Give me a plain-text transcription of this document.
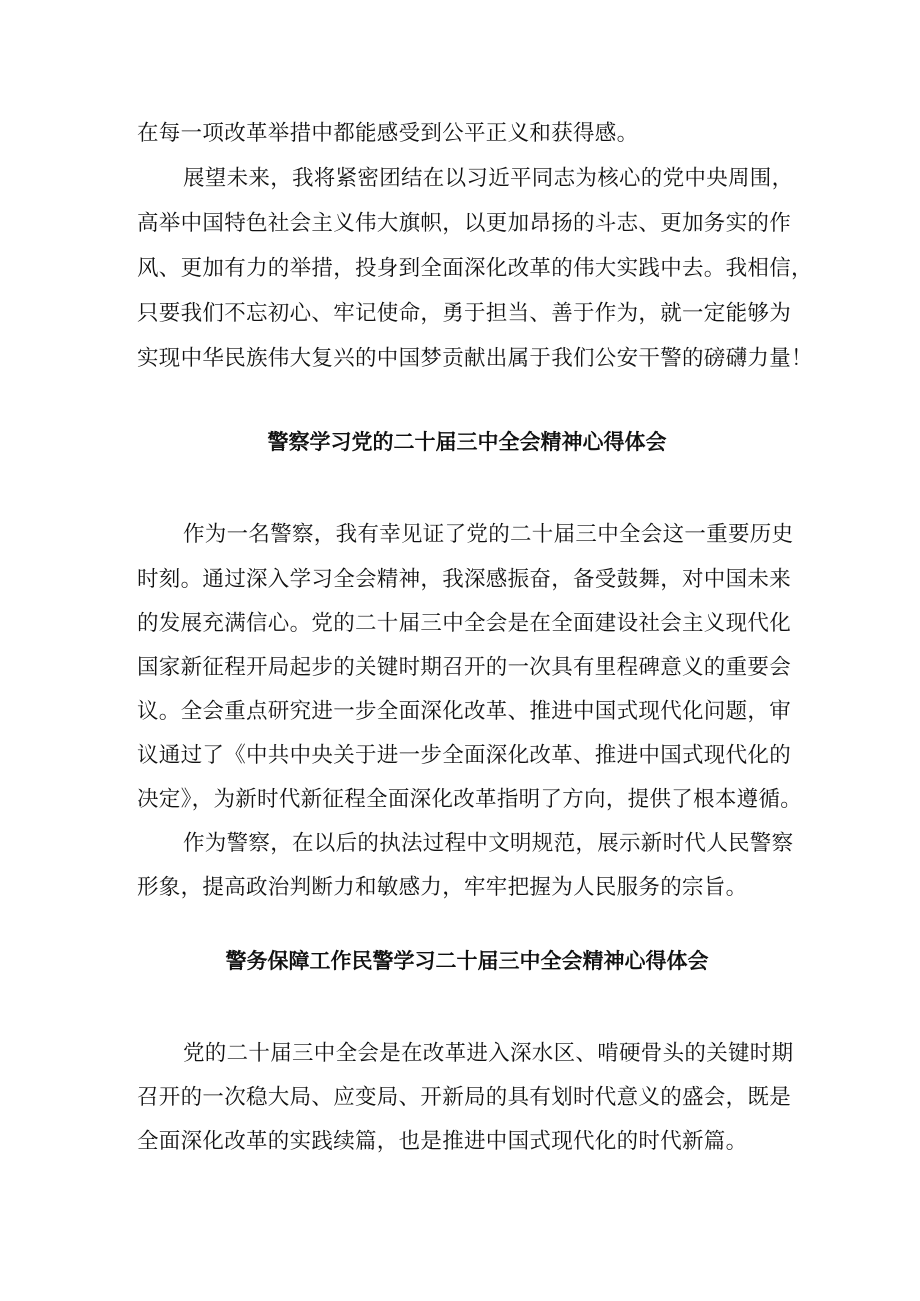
在每一项改革举措中都能感受到公平正义和获得感。
展望未来，我将紧密团结在以习近平同志为核心的党中央周围，
高举中国特色社会主义伟大旗帜，以更加昂扬的斗志、更加务实的作
风、更加有力的举措，投身到全面深化改革的伟大实践中去。我相信，
只要我们不忘初心、牢记使命，勇于担当、善于作为，就一定能够为
实现中华民族伟大复兴的中国梦贡献出属于我们公安干警的磅礴力量！
警察学习党的二十届三中全会精神心得体会
作为一名警察，我有幸见证了党的二十届三中全会这一重要历史
时刻。通过深入学习全会精神，我深感振奋，备受鼓舞，对中国未来
的发展充满信心。党的二十届三中全会是在全面建设社会主义现代化
国家新征程开局起步的关键时期召开的一次具有里程碑意义的重要会
议。全会重点研究进一步全面深化改革、推进中国式现代化问题，审
议通过了《中共中央关于进一步全面深化改革、推进中国式现代化的
决定》，为新时代新征程全面深化改革指明了方向，提供了根本遵循。
作为警察，在以后的执法过程中文明规范，展示新时代人民警察
形象，提高政治判断力和敏感力，牢牢把握为人民服务的宗旨。
警务保障工作民警学习二十届三中全会精神心得体会
党的二十届三中全会是在改革进入深水区、啃硬骨头的关键时期
召开的一次稳大局、应变局、开新局的具有划时代意义的盛会，既是
全面深化改革的实践续篇，也是推进中国式现代化的时代新篇。
